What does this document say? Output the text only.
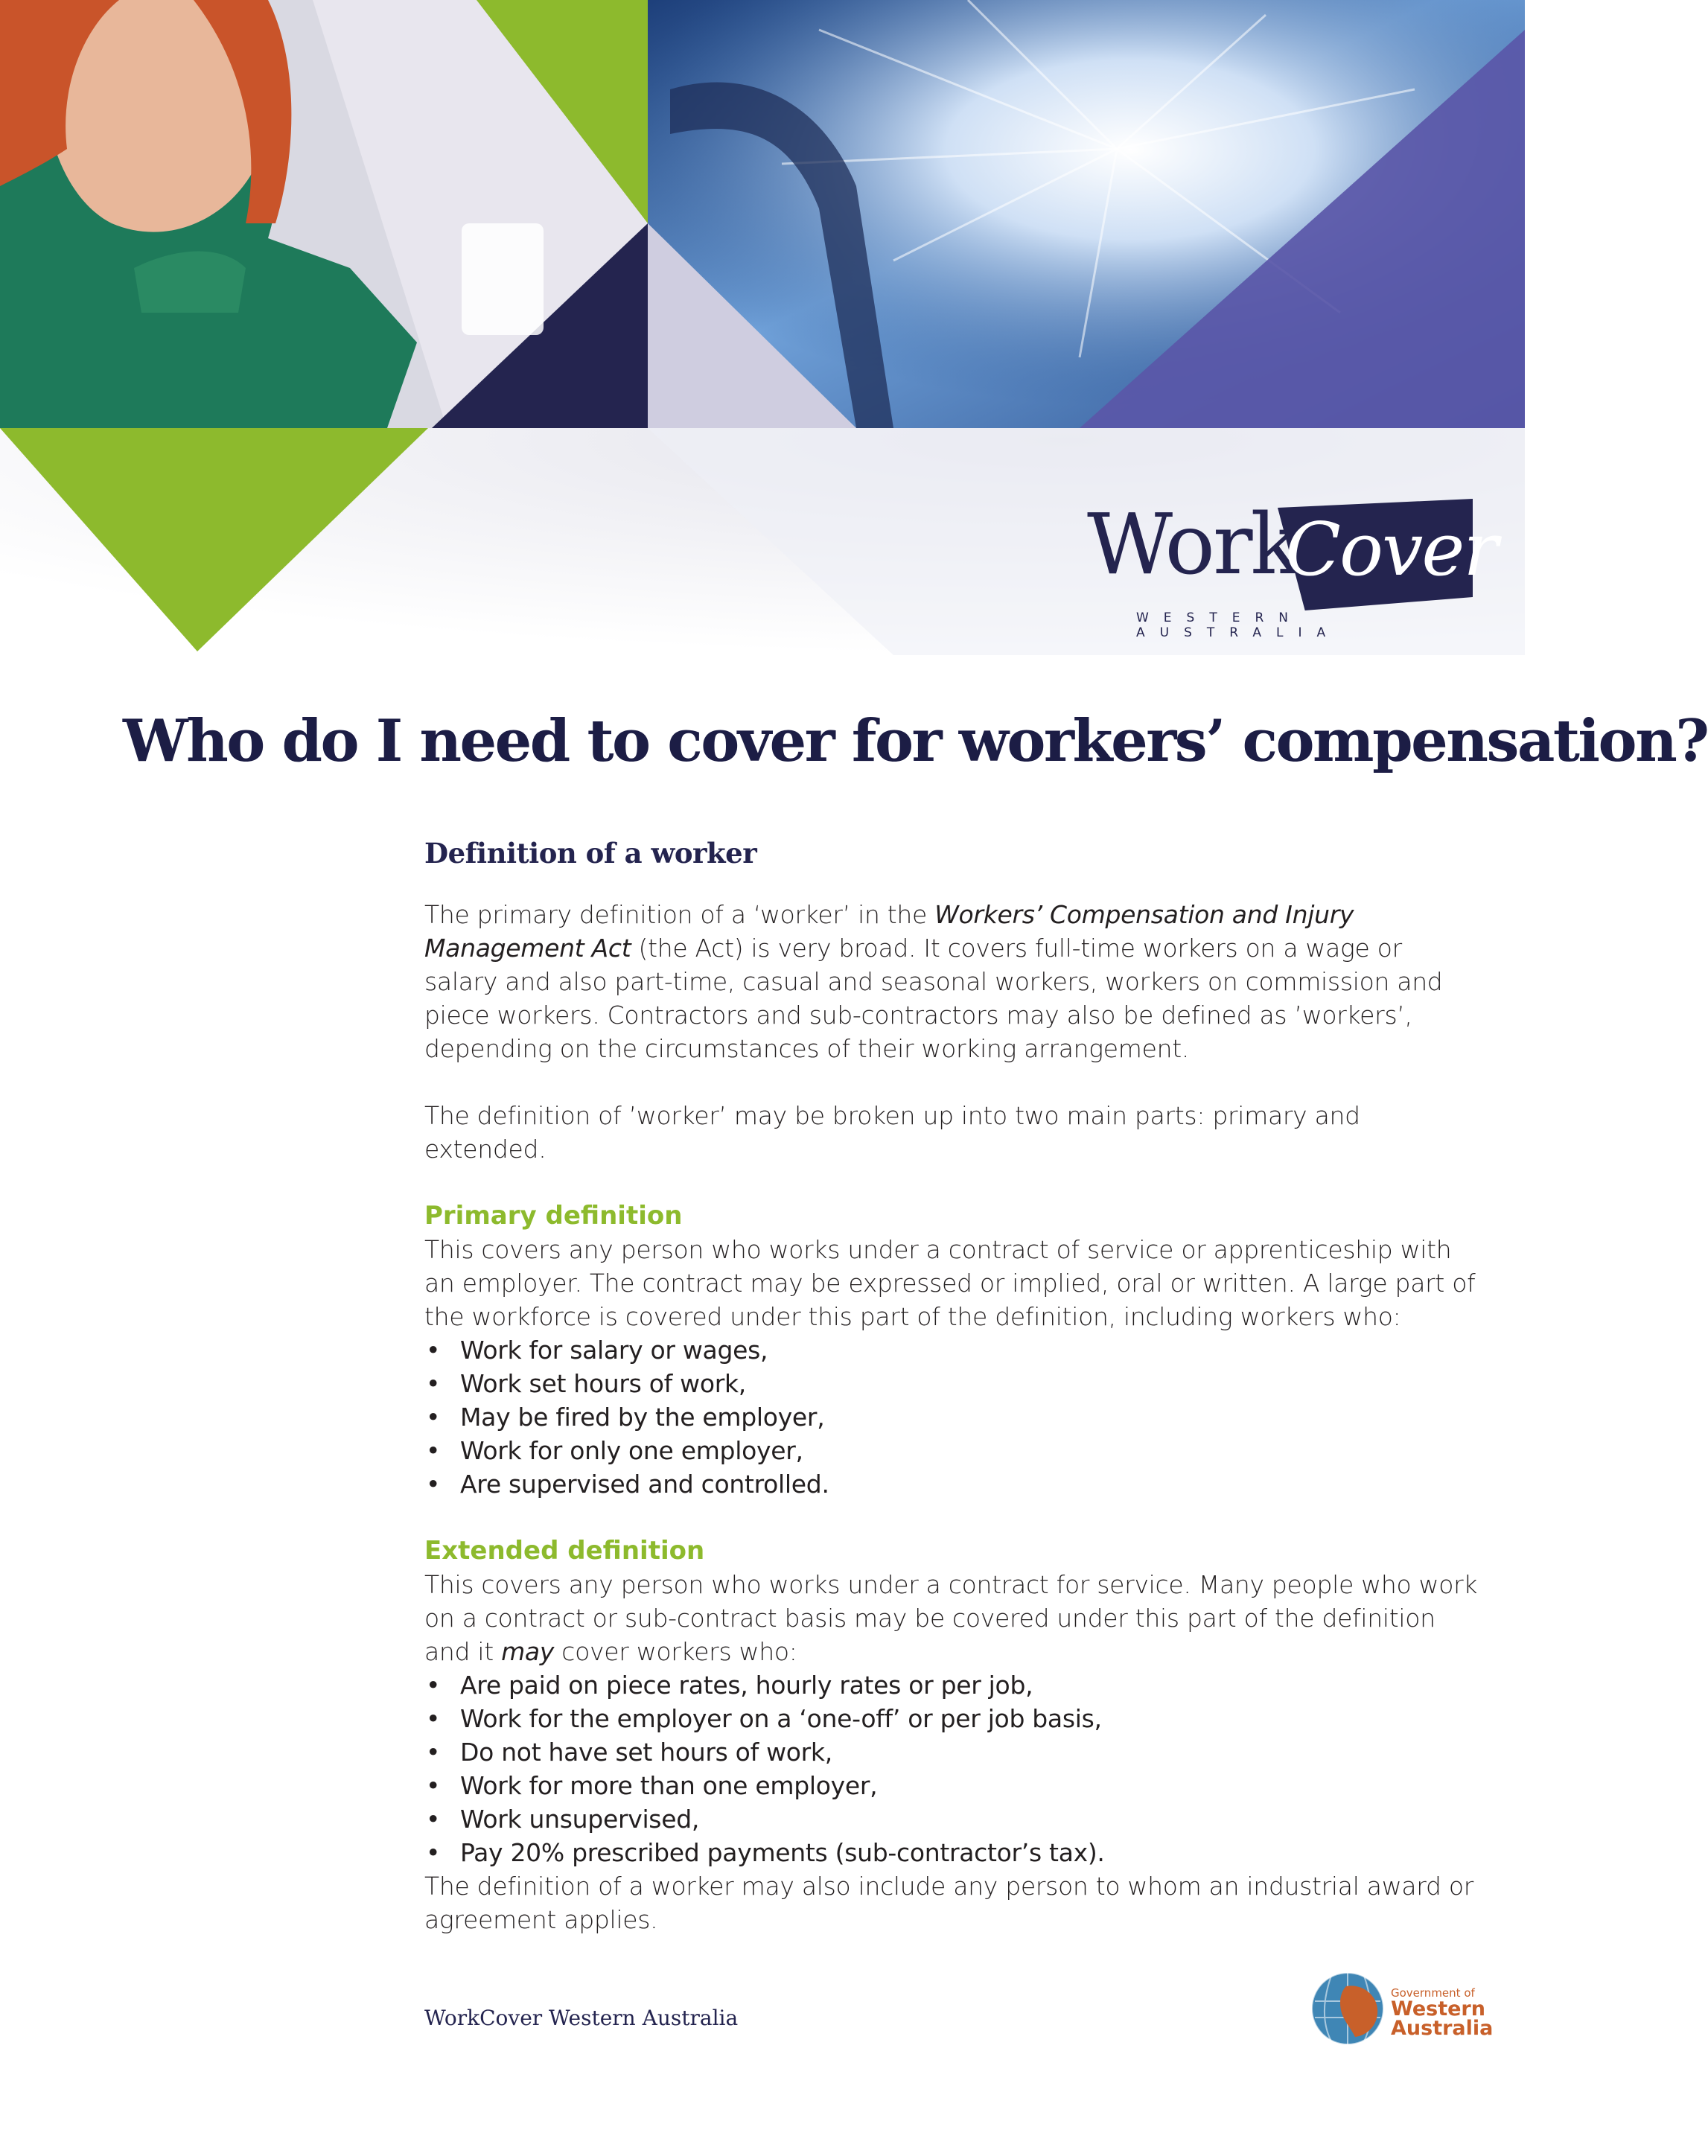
Work
Cover
WESTERN AUSTRALIA
Who do I need to cover for workers’ compensation?
Definition of a worker

The primary definition of a ‘worker’ in the Workers’ Compensation and Injury Management Act (the Act) is very broad. It covers full-time workers on a wage or salary and also part-time, casual and seasonal workers, workers on commission and piece workers. Contractors and sub-contractors may also be defined as ’workers’, depending on the circumstances of their working arrangement.

The definition of ’worker’ may be broken up into two main parts: primary and extended.

Primary definition

This covers any person who works under a contract of service or apprenticeship with an employer. The contract may be expressed or implied, oral or written. A large part of the workforce is covered under this part of the definition, including workers who:

• Work for salary or wages,
• Work set hours of work,
• May be fired by the employer,
• Work for only one employer,
• Are supervised and controlled.
Extended definition

This covers any person who works under a contract for service. Many people who work on a contract or sub-contract basis may be covered under this part of the definition and it may cover workers who:

• Are paid on piece rates, hourly rates or per job,
• Work for the employer on a ‘one-off’ or per job basis,
• Do not have set hours of work,
• Work for more than one employer,
• Work unsupervised,
• Pay 20% prescribed payments (sub-contractor’s tax).

The definition of a worker may also include any person to whom an industrial award or agreement applies.

WorkCover Western Australia
Government of
Western
Australia
